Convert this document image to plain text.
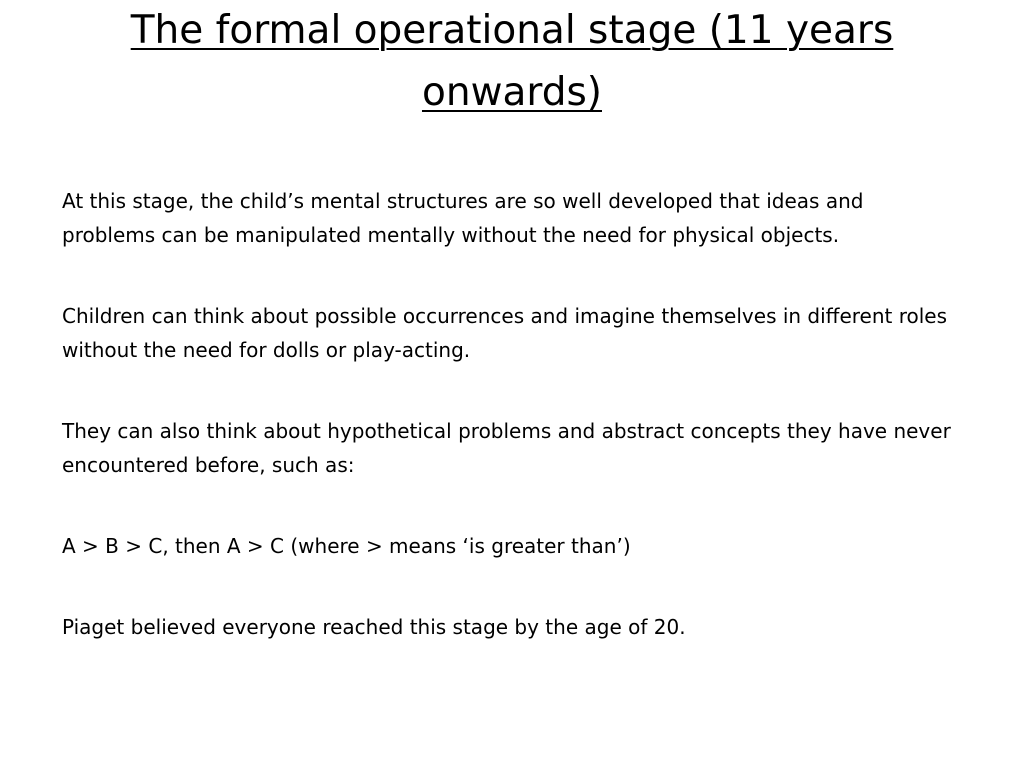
The formal operational stage (11 years onwards)

At this stage, the child’s mental structures are so well developed that ideas and problems can be manipulated mentally without the need for physical objects.

Children can think about possible occurrences and imagine themselves in different roles without the need for dolls or play-acting.

They can also think about hypothetical problems and abstract concepts they have never encountered before, such as:

A > B > C, then A > C (where > means ‘is greater than’)

Piaget believed everyone reached this stage by the age of 20.
